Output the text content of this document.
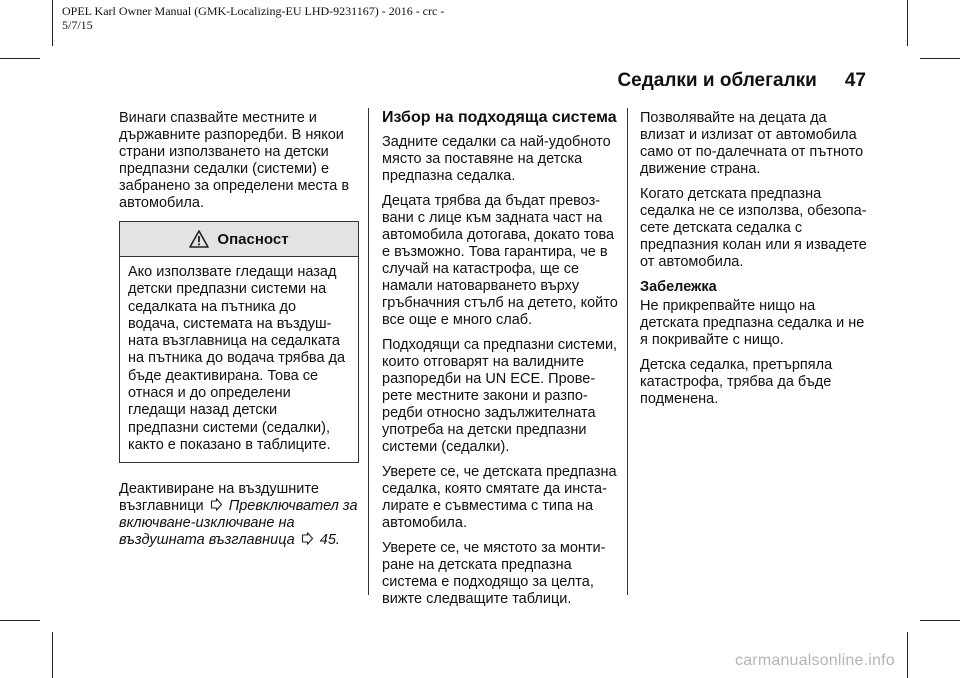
OPEL Karl Owner Manual (GMK-Localizing-EU LHD-9231167) - 2016 - crc -
5/7/15
Седалки и облегалки 47

Винаги спазвайте местните и държавните разпоредби. В някои страни използването на детски предпазни седалки (системи) е забранено за определени места в автомобила.

Опасност
Ако използвате гледащи назад детски предпазни системи на седалката на пътника до водача, системата на въздуш-ната възглавница на седалката на пътника до водача трябва да бъде деактивирана. Това се отнася и до определени гледащи назад детски предпазни системи (седалки), както е показано в таблиците.

Деактивиране на въздушните възглавници Превключвател за включване-изключване на въздушната възглавница 45.

Избор на подходяща система

Задните седалки са най-удобното място за поставяне на детска предпазна седалка.

Децата трябва да бъдат превоз-вани с лице към задната част на автомобила дотогава, докато това е възможно. Това гарантира, че в случай на катастрофа, ще се намали натоварването върху гръбначния стълб на детето, който все още е много слаб.

Подходящи са предпазни системи, които отговарят на валидните разпоредби на UN ECE. Прове-рете местните закони и разпо-редби относно задължителната употреба на детски предпазни системи (седалки).

Уверете се, че детската предпазна седалка, която смятате да инста-лирате е съвместима с типа на автомобила.

Уверете се, че мястото за монти-ране на детската предпазна система е подходящо за целта, вижте следващите таблици.

Позволявайте на децата да влизат и излизат от автомобила само от по-далечната от пътното движение страна.

Когато детската предпазна седалка не се използва, обезопа-сете детската седалка с предпазния колан или я извадете от автомобила.

Забележка

Не прикрепвайте нищо на детската предпазна седалка и не я покривайте с нищо.

Детска седалка, претърпяла катастрофа, трябва да бъде подменена.

carmanualsonline.info
